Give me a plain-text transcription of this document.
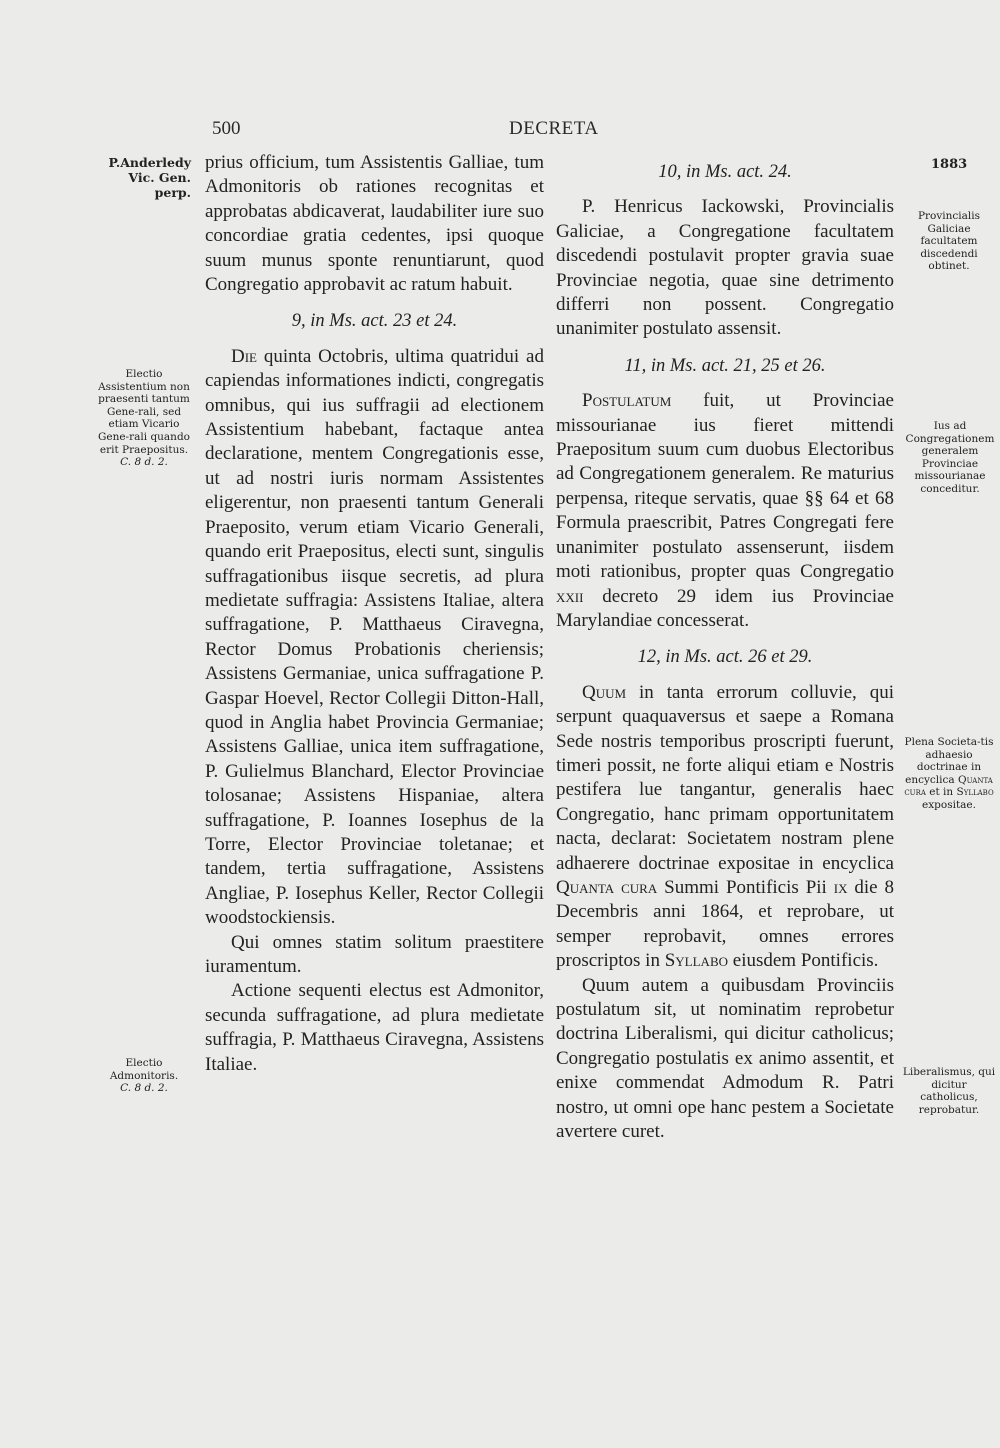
500	DECRETA
1883
P.Anderledy Vic. Gen. perp.
Electio Assistentium non praesenti tantum Gene-rali, sed etiam Vicario Gene-rali quando erit Praepositus.
C. 8 d. 2.
Electio Admonitoris.
C. 8 d. 2.
Provincialis Galiciae facultatem discedendi obtinet.
Ius ad Congregationem generalem Provinciae missourianae conceditur.
Plena Societa-tis adhaesio doctrinae in encyclica Quanta cura et in Syllabo expositae.
Liberalismus, qui dicitur catholicus, reprobatur.

prius officium, tum Assistentis Galliae, tum Admonitoris ob rationes recognitas et approbatas abdicaverat, laudabiliter iure suo concordiae gratia cedentes, ipsi quoque suum munus sponte renuntiarunt, quod Congregatio approbavit ac ratum habuit.

9, in Ms. act. 23 et 24.

Die quinta Octobris, ultima quatridui ad capiendas informationes indicti, congregatis omnibus, qui ius suffragii ad electionem Assistentium habebant, factaque antea declaratione, mentem Congregationis esse, ut ad nostri iuris normam Assistentes eligerentur, non praesenti tantum Generali Praeposito, verum etiam Vicario Generali, quando erit Praepositus, electi sunt, singulis suffragationibus iisque secretis, ad plura medietate suffragia: Assistens Italiae, altera suffragatione, P. Matthaeus Ciravegna, Rector Domus Probationis cheriensis; Assistens Germaniae, unica suffragatione P. Gaspar Hoevel, Rector Collegii Ditton-Hall, quod in Anglia habet Provincia Germaniae; Assistens Galliae, unica item suffragatione, P. Gulielmus Blanchard, Elector Provinciae tolosanae; Assistens Hispaniae, altera suffragatione, P. Ioannes Iosephus de la Torre, Elector Provinciae toletanae; et tandem, tertia suffragatione, Assistens Angliae, P. Iosephus Keller, Rector Collegii woodstockiensis.

Qui omnes statim solitum praestitere iuramentum.

Actione sequenti electus est Admonitor, secunda suffragatione, ad plura medietate suffragia, P. Matthaeus Ciravegna, Assistens Italiae.

10, in Ms. act. 24.

P. Henricus Iackowski, Provincialis Galiciae, a Congregatione facultatem discedendi postulavit propter gravia suae Provinciae negotia, quae sine detrimento differri non possent. Congregatio unanimiter postulato assensit.

11, in Ms. act. 21, 25 et 26.

Postulatum fuit, ut Provinciae missourianae ius fieret mittendi Praepositum suum cum duobus Electoribus ad Congregationem generalem. Re maturius perpensa, riteque servatis, quae §§ 64 et 68 Formula praescribit, Patres Congregati fere unanimiter postulato assenserunt, iisdem moti rationibus, propter quas Congregatio xxii decreto 29 idem ius Provinciae Marylandiae concesserat.

12, in Ms. act. 26 et 29.

Quum in tanta errorum colluvie, qui serpunt quaquaversus et saepe a Romana Sede nostris temporibus proscripti fuerunt, timeri possit, ne forte aliqui etiam e Nostris pestifera lue tangantur, generalis haec Congregatio, hanc primam opportunitatem nacta, declarat: Societatem nostram plene adhaerere doctrinae expositae in encyclica Quanta cura Summi Pontificis Pii ix die 8 Decembris anni 1864, et reprobare, ut semper reprobavit, omnes errores proscriptos in Syllabo eiusdem Pontificis.

Quum autem a quibusdam Provinciis postulatum sit, ut nominatim reprobetur doctrina Liberalismi, qui dicitur catholicus; Congregatio postulatis ex animo assentit, et enixe commendat Admodum R. Patri nostro, ut omni ope hanc pestem a Societate avertere curet.
